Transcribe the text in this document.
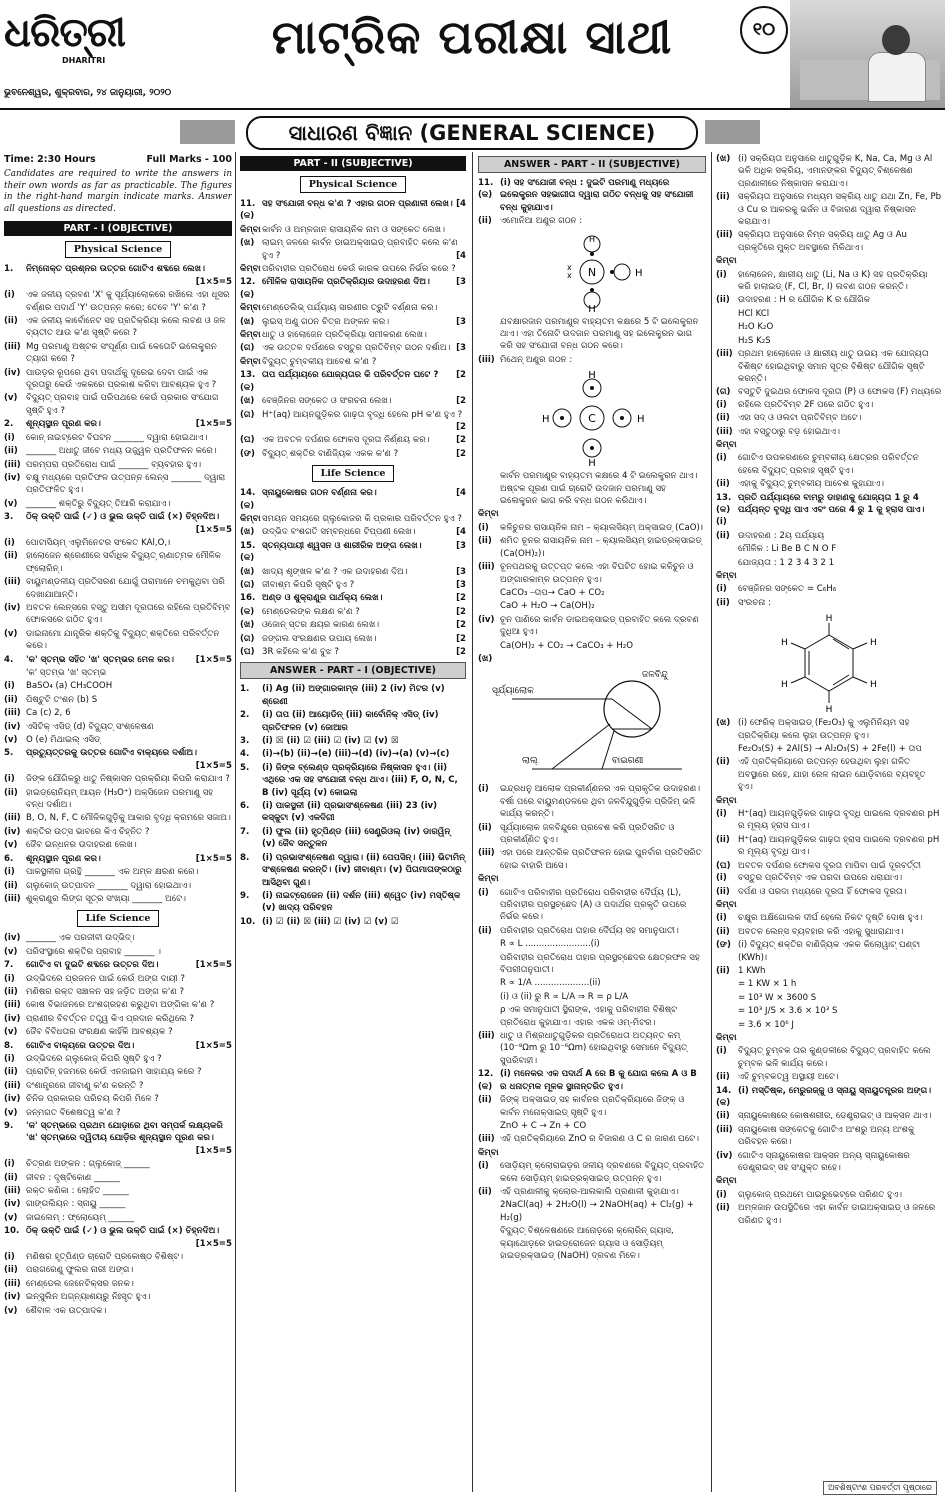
ଧରିତ୍ରୀ
DHARITRI
ଭୁବନେଶ୍ୱର, ଶୁକ୍ରବାର, ୨୪ ଜାନୁୟାରୀ, ୨୦୨୦
ମାଟ୍ରିକ ପରୀକ୍ଷା ସାଥୀ	୧୦
ସାଧାରଣ ବିଜ୍ଞାନ (GENERAL SCIENCE)
Time: 2:30 Hours	Full Marks - 100
Candidates are required to write the answers in their own words as far as practicable. The figures in the right-hand margin indicate marks. Answer all questions as directed.
PART - I (OBJECTIVE)
Physical Science
1.	ନିମ୍ନୋକ୍ତ ପ୍ରଶ୍ନର ଉତ୍ତର ଗୋଟିଏ ଶବ୍ଦରେ ଲେଖ।
[1×5=5
(i)	ଏକ ଜଳୀୟ ଦ୍ରବଣ 'X' କୁ ସୂର୍ଯ୍ୟାଲୋକରେ ରଖିଲେ ଏହା ଧୂସର ବର୍ଣ୍ଣର ପଦାର୍ଥ 'Y' ଉତ୍ପନ୍ନ କରେ; ତେବେ 'Y' କ'ଣ ?
(ii) ଏକ ଜଳୀୟ କାର୍ବୋନେଟ ସହ ପ୍ରତିକ୍ରିୟା କଲେ ଲବଣ ଓ ଜଳ ବ୍ୟତୀତ ଆଉ କ'ଣ ସୃଷ୍ଟି କରେ ?
(iii) Mg ପରମାଣୁ ଅଷ୍ଟକ ସଂପୂର୍ଣ୍ଣ ପାଇଁ କେତୋଟି ଇଲେକ୍ଟ୍ରନ ତ୍ୟାଗ କରେ ?
(iv) ପାଉଡ଼ର ରୂପରେ ଥିବା ପଦାର୍ଥକୁ ଦୂରେଇ ଦେବା ପାଇଁ ଏକ ଦୂରତାରୁ କେଉଁ ଏକକରେ ପ୍ରକାଶ କରିବା ଆବଶ୍ୟକ ହୁଏ ?
(v) ବିଦ୍ୟୁତ୍ ପ୍ରବାହ ପାଇଁ ପରିପଥରେ କେଉଁ ପ୍ରକାର ସଂଯୋଗ ସୃଷ୍ଟି ହୁଏ ?
2.	ଶୂନ୍ୟସ୍ଥାନ ପୂରଣ କର।	[1×5=5
(i)	କୋନ୍ ନାଇଟ୍ରେଟ ବିଘଟନ _______ ଦ୍ୱାରା ହୋଇଥାଏ।
(ii) _______ ଅଧାତୁ ଜୀବେ ମଧ୍ୟ ଉଜ୍ଜ୍ୱଳ ପ୍ରତିଫଳନ କରେ।
(iii) ପରମ୍ପରା ପ୍ରତିରୋଧ ପାଇଁ _______ ବ୍ୟବହାର ହୁଏ।
(iv) ଚକ୍ଷୁ ମଧ୍ୟରେ ପ୍ରତିଫଳ ଉତ୍ପନ୍ନ ଲେନ୍ସ _______ ଦ୍ୱାରା ପ୍ରତିଫଳିତ ହୁଏ।
(v) _______ ଶକ୍ତିରୁ ବିଦ୍ୟୁତ୍ ତିଆରି କରାଯାଏ।
3.	ଠିକ୍ ଉକ୍ତି ପାଇଁ (✓) ଓ ଭୁଲ ଉକ୍ତି ପାଇଁ (×) ଚିହ୍ନଦିଅ।
[1×5=5
(i)	ପୋଟାସିୟମ୍ ଏଲୁମିନେଟର ସଂକେତ KAl,O,।
(ii) ହାଲୋଜେନ ଶ୍ରେଣୀରେ ସର୍ବାଧିକ ବିଦ୍ୟୁତ୍ ଋଣାତ୍ମକ ମୌଳିକ ଫ୍ଲୋରିନ୍।
(iii) ବାୟୁମଣ୍ଡଳୀୟ ପ୍ରତିସରଣ ଯୋଗୁଁ ତାରାମାନେ ଚମକୁଥିବା ପରି ଦେଖାଯାଆନ୍ତି।
(iv) ଅବତଳ ଲେନ୍ସରେ ବସ୍ତୁ ଅସୀମ ଦୂରତାରେ ରହିଲେ ପ୍ରତିବିମ୍ବ ଫୋକସରେ ଗଠିତ ହୁଏ।
(v) ଡାଇନାମୋ ଯାନ୍ତ୍ରିକ ଶକ୍ତିକୁ ବିଦ୍ୟୁତ୍ ଶକ୍ତିରେ ପରିବର୍ତ୍ତନ କରେ।
4.	'କ' ସ୍ତମ୍ଭ ସହିତ 'ଖ' ସ୍ତମ୍ଭର ମେଳ କର।	[1×5=5
'କ' ସ୍ତମ୍ଭ 'ଖ' ସ୍ତମ୍ଭ
(i)	BaSO₄ (a) CH₃COOH
(ii) ପିଷ୍ଟୁଟି ତଂଶନ (b) S
(iii) Ca (c) 2, 6
(iv) ଏସିଟିକ୍ ଏସିଡ୍ (d) ବିଦ୍ୟୁତ୍ ସଂଶ୍ଳେଷଣ
(v) O (e) ମିଥାଇଲ୍ ଏସିଡ୍
5.	ପ୍ରତ୍ୟୁତ୍ତରକୁ ଉତ୍ତର ଗୋଟିଏ ବାକ୍ୟରେ ଦର୍ଶାଅ।
[1×5=5
(i)	ଜିଙ୍କ ଯୌଗିକରୁ ଧାତୁ ନିଷ୍କାସନ ପ୍ରକ୍ରିୟା କିପରି କରାଯାଏ ?
(ii) ହାଇଡ୍ରୋନିୟମ୍ ଆୟନ (H₃O⁺) ଅକ୍ସିଜେନ ପରମାଣୁ ସହ ବନ୍ଧ ଦର୍ଶାଅ।
(iii) B, O, N, F, C ମୌଳିକଗୁଡ଼ିକୁ ଆକାର ବୃଦ୍ଧି କ୍ରମରେ ସଜାଅ।
(iv) ଶକ୍ତିର ଉତ୍ସ ଭାବରେ କିଏ ଚିହ୍ନିତ ?
(v) ଜୈବ ଇନ୍ଧନର ଉଦାହରଣ ଲେଖ।
6.	ଶୂନ୍ୟସ୍ଥାନ ପୂରଣ କର।	[1×5=5
(i)	ପାକସ୍ଥଳୀର ଗ୍ରନ୍ଥି _______ ଏକ ଅମ୍ଳ କ୍ଷରଣ କରେ।
(ii) ଗ୍ଲୁକୋଜ୍ ଉତ୍ପାଦନ _______ ଦ୍ୱାରା ହୋଇଥାଏ।
(iii) ଶୁକ୍ରାଣୁର ଲିଙ୍ଗ ସୂତ୍ର ସଂଖ୍ୟା _______ ଅଟେ।
Life Science
(iv) _______ ଏକ ପରଜୀବୀ ଉଦ୍ଭିଦ୍।
(v) ପରିସଂସ୍ଥାରେ ଶକ୍ତିର ପ୍ରବାହ _______ ।
7.	ଗୋଟିଏ ବା ଦୁଇଟି ଶବ୍ଦରେ ଉତ୍ତର ଦିଅ।	[1×5=5
(i)	ଉଦ୍ଭିଦରେ ପ୍ରଜନନ ପାଇଁ କେଉଁ ଅଙ୍ଗ ଦାୟୀ ?
(ii) ମଣିଷର ରକ୍ତ ସଞ୍ଚାଳନ ସହ ଜଡ଼ିତ ଅଙ୍ଗ କ'ଣ ?
(iii) କୋଷ ବିଭାଜନରେ ଅଂଶଗ୍ରହଣ କରୁଥିବା ଅଙ୍ଗିକା କ'ଣ ?
(iv) ପ୍ରାଣୀର ବିବର୍ତ୍ତନ ତତ୍ତ୍ୱ କିଏ ପ୍ରଦାନ କରିଥିଲେ ?
(v) ଜୈବ ବିବିଧତାର ସଂରକ୍ଷଣ କାହିଁକି ଆବଶ୍ୟକ ?
8.	ଗୋଟିଏ ବାକ୍ୟରେ ଉତ୍ତର ଦିଅ।	[1×5=5
(i)	ଉଦ୍ଭିଦରେ ଗ୍ଲୁକୋଜ୍ କିପରି ସୃଷ୍ଟି ହୁଏ ?
(ii) ପ୍ରୋଟିନ୍ ହଜମରେ କେଉଁ ଏନଜାଇମ ସାହାଯ୍ୟ କରେ ?
(iii) ଦଂଶାନ୍ତ୍ରରେ ଜୀବାଣୁ କ'ଣ କରନ୍ତି ?
(iv) ଚିନିଜ ପ୍ରକାରର ପରିଚୟ କିପରି ମିଳେ ?
(v) ଜନ୍ମଗତ ବିଶେଷତ୍ୱ କ'ଣ ?
9.	'କ' ସ୍ତମ୍ଭରେ ପ୍ରଥମ ଯୋଡ଼ାରେ ଥିବା ସମ୍ପର୍କ ଲକ୍ଷ୍ୟକରି 'ଖ' ସ୍ତମ୍ଭରେ ଦ୍ୱିତୀୟ ଯୋଡ଼ିର ଶୂନ୍ୟସ୍ଥାନ ପୂରଣ କର।
[1×5=5
(i)	ଚିତ୍ରଣ ଅଙ୍କନ : ଗ୍ଲୁକୋଜ୍ ______
(ii) ଜୀବନ : ଦୃଷ୍ଟିକୋଣ ______
(iii) ରକ୍ତ କଣିକା : ଲୋହିତ ______
(iv) ଗାଙ୍ଗଲିୟନ : ସ୍ନାୟୁ ______
(v) ଜାଇଲେମ୍ : ଫ୍ଲୋୟେମ୍ ______
10. ଠିକ୍ ଉକ୍ତି ପାଇଁ (✓) ଓ ଭୁଲ ଉକ୍ତି ପାଇଁ (×) ଚିହ୍ନଦିଅ।
[1×5=5
(i)	ମଣିଷର ହୃତ୍‌ପିଣ୍ଡ ଚାରୋଟି ପ୍ରକୋଷ୍ଠ ବିଶିଷ୍ଟ।
(ii) ପରାଗରେଣୁ ଫୁଲର ନାରୀ ଅଙ୍ଗ।
(iii) ମେଣ୍ଡେଲ ଜେନେଟିକ୍ସର ଜନକ।
(iv) ଇନ୍ସୁଲିନ ଅଗ୍ନ୍ୟାଶୟରୁ ନିଃସୃତ ହୁଏ।
(v) ଶୈବାଳ ଏକ ଉତ୍ପାଦକ।
PART - II (SUBJECTIVE)
Physical Science
11.(କ)
ସହ ସଂଯୋଜୀ ବନ୍ଧ କ'ଣ ? ଏହାର ଗଠନ ପ୍ରଣାଳୀ ଲେଖ। [4
କିମ୍ବା କାର୍ବନ ଓ ଅମ୍ଳଜାନ ରାସାୟନିକ ନାମ ଓ ସଙ୍କେତ ଲେଖ।
(ଖ) ଲାଇମ୍‌ ଜଳରେ କାର୍ବନ ଡାଇଅକ୍ସାଇଡ୍ ପ୍ରବାହିତ କଲେ କ'ଣ ହୁଏ ?	[4
କିମ୍ବା ପରିବାହୀର ପ୍ରତିରୋଧ କେଉଁ କାରକ ଉପରେ ନିର୍ଭର କରେ ?
12.(କ)
ମୌଳିକ ରାସାୟନିକ ପ୍ରତିକ୍ରିୟାର ଉଦାହରଣ ଦିଅ।	[3
କିମ୍ବା ମେଣ୍ଡେଲିଭ୍ ପର୍ଯ୍ୟାୟ ସାରଣୀର ତ୍ରୁଟି ବର୍ଣ୍ଣନା କର।
(ଖ) ଲୁଇସ୍ ଅଣୁ ଗଠନ ଚିତ୍ର ଅଙ୍କନ କର।	[3
କିମ୍ବା ଧାତୁ ଓ ହାଲୋଜେନ ପ୍ରତିକ୍ରିୟା ସମୀକରଣ ଲେଖ।
(ଗ) ଏକ ଉତ୍ତଳ ଦର୍ପଣରେ ବସ୍ତୁର ପ୍ରତିବିମ୍ବ ଗଠନ ଦର୍ଶାଅ। [3
କିମ୍ବା ବିଦ୍ୟୁତ୍ ଚୁମ୍ବକୀୟ ଆବେଶ କ'ଣ ?
13.(କ)
ତାପ ପର୍ଯ୍ୟାୟରେ ଯୋଜ୍ୟତାର କି ପରିବର୍ତ୍ତନ ଘଟେ ? [2
(ଖ) ବେଞ୍ଜିନର ସଙ୍କେତ ଓ ସଂରଚନା ଲେଖ।	[2
(ଗ) H⁺(aq) ଆୟନଗୁଡ଼ିକର ଗାଢ଼ତା ବୃଦ୍ଧି ହେଲେ pH କ'ଣ ହୁଏ ?
[2
(ଘ) ଏକ ଅବତଳ ଦର୍ପଣର ଫୋକସ ଦୂରତା ନିର୍ଣ୍ଣୟ କର।	[2
(ଙ) ବିଦ୍ୟୁତ୍ ଶକ୍ତିର ବାଣିଜ୍ୟିକ ଏକକ କ'ଣ ?	[2
Life Science
14.(କ)
ସ୍ନାୟୁକୋଷର ଗଠନ ବର୍ଣ୍ଣନା କର।	[4
କିମ୍ବା ସମୟନ ସମୟରେ ଗ୍ଲୁକୋଜର କି ପ୍ରକାର ପରିବର୍ତ୍ତନ ହୁଏ ?
(ଖ) ଉଦ୍ଭିଦ ବଂଶଗତି ସମ୍ବନ୍ଧରେ ଟିପ୍ପଣୀ ଲେଖ।	[4
15.(କ)
ସ୍ତନ୍ୟପାୟୀ ଶ୍ୱସନ ଓ ଶାରୀରିକ ଅଙ୍ଗ ଲେଖ।	[3
(ଖ) ଖାଦ୍ୟ ଶୃଙ୍ଖଳ କ'ଣ ? ଏକ ଉଦାହରଣ ଦିଅ।	[3
(ଗ) ଜୀବାଶ୍ମ କିପରି ସୃଷ୍ଟି ହୁଏ ?	[3
16. ଅଣ୍ଡ ଓ ଶୁକ୍ରାଣୁର ପାର୍ଥକ୍ୟ ଲେଖ।	[2
(କ) ମେଣ୍ଡେଲଙ୍କ ଲକ୍ଷଣ କ'ଣ ?	[2
(ଖ) ଓଜୋନ୍ ସ୍ତର କ୍ଷୟର କାରଣ ଲେଖ।	[2
(ଗ) ଜଙ୍ଗଲ ସଂରକ୍ଷଣର ଉପାୟ ଲେଖ।	[2
(ଘ) 3R କହିଲେ କ'ଣ ବୁଝ ?	[2
ANSWER - PART - I (OBJECTIVE)
1.	(i) Ag (ii) ଅଙ୍ଗାରକାମ୍ଳ (iii) 2 (iv) ମିଟର (v) ଶ୍ରେଣୀ
2.	(i) ତାପ (ii) ଆୟୋଡିନ୍ (iii) କାର୍ବୋନିକ୍ ଏସିଡ୍ (iv) ପ୍ରତିଫଳନ (v) ଜୋଆର
3.	(i) ☒ (ii) ☑ (iii) ☑ (iv) ☑ (v) ☒
4.	(i)→(b) (ii)→(e) (iii)→(d) (iv)→(a) (v)→(c)
5.	(i) ଜିଙ୍କ ବ୍ଲେଣ୍ଡ ପ୍ରକ୍ରିୟାରେ ନିଷ୍କାସନ ହୁଏ। (ii) ଏଥିରେ ଏକ ସହ ସଂଯୋଜୀ ବନ୍ଧ ଥାଏ। (iii) F, O, N, C, B (iv) ସୂର୍ଯ୍ୟ (v) କୋଇଲା
6.	(i) ପାକସ୍ଥଳୀ (ii) ପ୍ରଭାସଂଶ୍ଳେଷଣ (iii) 23 (iv) କସ୍କୁଟା (v) ଏକଦିଗୀ
7.	(i) ଫୁଲ (ii) ହୃତ୍‌ପିଣ୍ଡ (iii) ସେଣ୍ଟ୍ରିଓଲ୍ (iv) ଡାରୱିନ୍ (v) ଜୈବ ସନ୍ତୁଳନ
8.	(i) ପ୍ରଭାସଂଶ୍ଳେଷଣ ଦ୍ୱାରା। (ii) ପେପସିନ୍। (iii) ଭିଟାମିନ୍ ସଂଶ୍ଳେଷଣ କରନ୍ତି। (iv) ଜୀବାଶ୍ମ। (v) ପିତାମାତାଙ୍କଠାରୁ ଆସିଥିବା ଗୁଣ।
9.	(i) ନାଇଟ୍ରୋଜେନ (ii) ଦର୍ଶନ (iii) ଶ୍ୱେତ (iv) ମସ୍ତିଷ୍କ (v) ଖାଦ୍ୟ ପରିବହନ
10. (i) ☑ (ii) ☒ (iii) ☑ (iv) ☑ (v) ☑
ANSWER - PART - II (SUBJECTIVE)
11.(କ)
(i) ସହ ସଂଯୋଜୀ ବନ୍ଧ : ଦୁଇଟି ପରମାଣୁ ମଧ୍ୟରେ ଇଲେକ୍ଟ୍ରନ ସହଭାଗୀତା ଦ୍ୱାରା ଗଠିତ ବନ୍ଧକୁ ସହ ସଂଯୋଜୀ ବନ୍ଧ କୁହାଯାଏ।
(ii) ଏମୋନିଆ ଅଣୁର ଗଠନ :
N
H
H
H
x
x
ଯବକ୍ଷାରଜାନ ପରମାଣୁର ବାହ୍ୟତମ କକ୍ଷରେ 5 ଟି ଇଲେକ୍ଟ୍ରନ ଥାଏ। ଏହା ତିନୋଟି ଉଦଜାନ ପରମାଣୁ ସହ ଇଲେକ୍ଟ୍ରନ ଭାଗ କରି ସହ ସଂଯୋଜୀ ବନ୍ଧ ଗଠନ କରେ।
(iii) ମିଥେନ୍ ଅଣୁର ଗଠନ :
C
H
H
H	H
କାର୍ବନ ପରମାଣୁର ବାହ୍ୟତମ କକ୍ଷରେ 4 ଟି ଇଲେକ୍ଟ୍ରନ ଥାଏ। ଅଷ୍ଟକ ପୂରଣ ପାଇଁ ଚାରୋଟି ଉଦଜାନ ପରମାଣୁ ସହ ଇଲେକ୍ଟ୍ରନ ଭାଗ କରି ବନ୍ଧ ଗଠନ କରିଥାଏ।
କିମ୍ବା
(i)	କଳିଚୁନର ରାସାୟନିକ ନାମ – କ୍ୟାଲସିୟମ୍ ଅକ୍ସାଇଡ୍ (CaO)।
(ii) ଶମିତ ଚୂନର ରାସାୟନିକ ନାମ – କ୍ୟାଲସିୟମ୍ ହାଇଡ୍ରକ୍ସାଇଡ୍ (Ca(OH)₂)।
(iii) ଚୂନପଥରକୁ ଉତ୍ତପ୍ତ କଲେ ଏହା ବିଘଟିତ ହୋଇ କଳିଚୁନ ଓ ଅଙ୍ଗାରକାମ୍ଳ ଉତ୍ପନ୍ନ ହୁଏ।
CaCO₃ ⎯ତାପ→ CaO + CO₂
CaO + H₂O → Ca(OH)₂
(iv) ଚୂନ ପାଣିରେ କାର୍ବନ ଡାଇଅକ୍ସାଇଡ୍ ପ୍ରବାହିତ କଲେ ଦ୍ରବଣ ଦୁଧିଆ ହୁଏ।
Ca(OH)₂ + CO₂ → CaCO₃ + H₂O
(ଖ)
ଜଳବିନ୍ଦୁ
ସୂର୍ଯ୍ୟାଲୋକ
ଲାଲ୍	ବାଇଗଣୀ
(i)	ଇନ୍ଦ୍ରଧନୁ ଆଲୋକ ପ୍ରକୀର୍ଣ୍ଣନର ଏକ ପ୍ରାକୃତିକ ଉଦାହରଣ। ବର୍ଷା ପରେ ବାୟୁମଣ୍ଡଳରେ ଥିବା ଜଳବିନ୍ଦୁଗୁଡ଼ିକ ପ୍ରିଜିମ୍ ଭଳି କାର୍ଯ୍ୟ କରନ୍ତି।
(ii) ସୂର୍ଯ୍ୟାଲୋକ ଜଳବିନ୍ଦୁରେ ପ୍ରବେଶ କରି ପ୍ରତିସରିତ ଓ ପ୍ରକୀର୍ଣ୍ଣିତ ହୁଏ।
(iii) ଏହା ପରେ ଆନ୍ତରିକ ପ୍ରତିଫଳନ ହୋଇ ପୁନର୍ବାର ପ୍ରତିସରିତ ହୋଇ ବାହାରି ଆସେ।
କିମ୍ବା
(i)	ଗୋଟିଏ ପରିବାହୀର ପ୍ରତିରୋଧ ପରିବାହୀର ଦୈର୍ଘ୍ୟ (L), ପରିବାହୀର ପ୍ରସ୍ଥଚ୍ଛେଦ (A) ଓ ପଦାର୍ଥର ପ୍ରକୃତି ଉପରେ ନିର୍ଭର କରେ।
(ii) ପରିବାହୀର ପ୍ରତିରୋଧ ତାହାର ଦୈର୍ଘ୍ୟ ସହ ସମାନୁପାତୀ।
R ∝ L ........................(i)
ପରିବାହୀର ପ୍ରତିରୋଧ ତାହାର ପ୍ରସ୍ଥଚ୍ଛେଦର କ୍ଷେତ୍ରଫଳ ସହ ବିପରୀତାନୁପାତୀ।
R ∝ 1/A ....................(ii)
(i) ଓ (ii) ରୁ R ∝ L/A ⇒ R = ρ L/A
ρ ଏକ ସମାନୁପାତୀ ସ୍ଥିରାଙ୍କ, ଏହାକୁ ପରିବାହୀର ବିଶିଷ୍ଟ ପ୍ରତିରୋଧ କୁହାଯାଏ। ଏହାର ଏକକ ଓମ୍-ମିଟର।
(iii) ଧାତୁ ଓ ମିଶ୍ରଧାତୁଗୁଡ଼ିକର ପ୍ରତିରୋଧତା ଅତ୍ୟନ୍ତ କମ୍ (10⁻⁸Ωm ରୁ 10⁻⁶Ωm) ହୋଇଥିବାରୁ ସେମାନେ ବିଦ୍ୟୁତ୍ ସୁପରିବାହୀ।
12.(କ)
(i) ମନେକର ଏକ ପଦାର୍ଥ A ରେ B କୁ ଯୋଗ କଲେ A ଓ B ର ଧନାତ୍ମକ ମୂଳକ ସ୍ଥାନାନ୍ତରିତ ହୁଏ।
(ii) ଜିଙ୍କ୍ ଅକ୍ସାଇଡ୍ ସହ କାର୍ବନର ପ୍ରତିକ୍ରିୟାରେ ଜିଙ୍କ୍ ଓ କାର୍ବନ ମନୋକ୍ସାଇଡ୍ ସୃଷ୍ଟି ହୁଏ।
ZnO + C → Zn + CO
(iii) ଏହି ପ୍ରତିକ୍ରିୟାରେ ZnO ର ବିଜାରଣ ଓ C ର ଜାରଣ ଘଟେ।
କିମ୍ବା
(i)	ସୋଡ଼ିୟମ୍ କ୍ଲୋରାଇଡ଼ର ଜଳୀୟ ଦ୍ରବଣରେ ବିଦ୍ୟୁତ୍ ପ୍ରବାହିତ କଲେ ସୋଡ଼ିୟମ୍ ହାଇଡ୍ରକ୍ସାଇଡ୍ ଉତ୍ପନ୍ନ ହୁଏ।
(ii) ଏହି ପ୍ରଣାଳୀକୁ କ୍ଲୋର-ଆଲକାଲି ପ୍ରଣାଳୀ କୁହାଯାଏ।
2NaCl(aq) + 2H₂O(l) → 2NaOH(aq) + Cl₂(g) + H₂(g)
ବିଦ୍ୟୁତ୍ ବିଶ୍ଳେଷଣରେ ଆନୋଡ଼ରେ କ୍ଲୋରିନ୍ ଗ୍ୟାସ, କ୍ୟାଥୋଡ଼ରେ ହାଇଡ୍ରୋଜେନ ଗ୍ୟାସ ଓ ସୋଡ଼ିୟମ୍ ହାଇଡ୍ରକ୍ସାଇଡ୍ (NaOH) ଦ୍ରବଣ ମିଳେ।
(ଖ) (i) ସକ୍ରିୟତା ଅନୁସାରେ ଧାତୁଗୁଡ଼ିକ K, Na, Ca, Mg ଓ Al ଭଳି ଅଧିକ ସକ୍ରିୟ, ଏମାନଙ୍କର ବିଦ୍ୟୁତ୍ ବିଶ୍ଳେଷଣ ପ୍ରଣାଳୀରେ ନିଷ୍କାସନ କରାଯାଏ।
(ii) ସକ୍ରିୟତା ଅନୁସାରେ ମଧ୍ୟମ ସକ୍ରିୟ ଧାତୁ ଯଥା Zn, Fe, Pb ଓ Cu ର ଆକରକୁ ଭର୍ଜନ ଓ ବିଜାରଣ ଦ୍ୱାରା ନିଷ୍କାସନ କରାଯାଏ।
(iii) ସକ୍ରିୟତା ଅନୁସାରେ ନିମ୍ନ ସକ୍ରିୟ ଧାତୁ Ag ଓ Au ପ୍ରକୃତିରେ ମୁକ୍ତ ଅବସ୍ଥାରେ ମିଳିଥାଏ।
କିମ୍ବା
(i)	ହାଲୋଜେନ, କ୍ଷାରୀୟ ଧାତୁ (Li, Na ଓ K) ସହ ପ୍ରତିକ୍ରିୟା କରି ହାଲାଇଡ୍ (F, Cl, Br, I) ଲବଣ ଗଠନ କରନ୍ତି।
(ii) ଉଦାହରଣ : H ର ଯୌଗିକ K ର ଯୌଗିକ
HCl KCl
H₂O K₂O
H₂S K₂S
(iii) ପ୍ରଥମ ହାଲୋଜେନ ଓ କ୍ଷାରୀୟ ଧାତୁ ଉଭୟ ଏକ ଯୋଜ୍ୟତା ବିଶିଷ୍ଟ ହୋଇଥିବାରୁ ସମାନ ସୂତ୍ର ବିଶିଷ୍ଟ ଯୌଗିକ ସୃଷ୍ଟି କରନ୍ତି।
(ଗ)(i)
ବସ୍ତୁଟି ଦୁଇଥର ଫୋକସ ଦୂରତା (P) ଓ ଫୋକସ (F) ମଧ୍ୟରେ ରହିଲେ ପ୍ରତିବିମ୍ବ 2F ପରେ ଗଠିତ ହୁଏ।
(ii) ଏହା ସଦ୍ ଓ ଓଲଟା ପ୍ରତିବିମ୍ବ ଅଟେ।
(iii) ଏହା ବସ୍ତୁଠାରୁ ବଡ଼ ହୋଇଥାଏ।
କିମ୍ବା
(i)	ଗୋଟିଏ ଉପକରଣରେ ଚୁମ୍ବକୀୟ କ୍ଷେତ୍ରର ପରିବର୍ତ୍ତନ ହେଲେ ବିଦ୍ୟୁତ୍ ପ୍ରବାହ ସୃଷ୍ଟି ହୁଏ।
(ii) ଏହାକୁ ବିଦ୍ୟୁତ୍ ଚୁମ୍ବକୀୟ ଆବେଶ କୁହାଯାଏ।
13.(କ)(i)
ପ୍ରତି ପର୍ଯ୍ୟାୟରେ ବାମରୁ ଡାହାଣକୁ ଯୋଜ୍ୟତା 1 ରୁ 4 ପର୍ଯ୍ୟନ୍ତ ବୃଦ୍ଧି ପାଏ ଏବଂ ପରେ 4 ରୁ 1 କୁ ହ୍ରାସ ପାଏ।
(ii) ଉଦାହରଣ : 2ୟ ପର୍ଯ୍ୟାୟ
ମୌଳିକ : Li Be B C N O F
ଯୋଜ୍ୟତା : 1 2 3 4 3 2 1
କିମ୍ବା
(i)	ବେଞ୍ଜିନର ସଙ୍କେତ = C₆H₆
(ii) ସଂରଚନା :
H
H
H
H
H
H
(ଖ) (i) ଫେରିକ୍ ଅକ୍ସାଇଡ୍ (Fe₂O₃) କୁ ଏଲୁମିନିୟମ ସହ ପ୍ରତିକ୍ରିୟା କଲେ ଲୁହା ଉତ୍ପନ୍ନ ହୁଏ।
Fe₂O₃(S) + 2Al(S) → Al₂O₃(S) + 2Fe(l) + ତାପ
(ii) ଏହି ପ୍ରତିକ୍ରିୟାରେ ଉତ୍ପନ୍ନ ହେଉଥିବା ଲୁହା ଗଳିତ ଅବସ୍ଥାରେ ରହେ, ଯାହା ରେଳ ଲାଇନ ଯୋଡ଼ିବାରେ ବ୍ୟବହୃତ ହୁଏ।
କିମ୍ବା
(i)	H⁺(aq) ଆୟନଗୁଡ଼ିକର ଗାଢ଼ତା ବୃଦ୍ଧି ପାଇଲେ ଦ୍ରବଣର pH ର ମୂଲ୍ୟ ହ୍ରାସ ପାଏ।
(ii) H⁺(aq) ଆୟନଗୁଡ଼ିକର ଗାଢ଼ତା ହ୍ରାସ ପାଇଲେ ଦ୍ରବଣର pH ର ମୂଲ୍ୟ ବୃଦ୍ଧି ପାଏ।
(ଘ)(i)
ଅବତଳ ଦର୍ପଣର ଫୋକସ ଦୂରତା ମାପିବା ପାଇଁ ଦୂରବର୍ତ୍ତୀ ବସ୍ତୁର ପ୍ରତିବିମ୍ବ ଏକ ପରଦା ଉପରେ ଧରାଯାଏ।
(ii) ଦର୍ପଣ ଓ ପରଦା ମଧ୍ୟରେ ଦୂରତା ହିଁ ଫୋକସ ଦୂରତା।
କିମ୍ବା
(i)	ଚକ୍ଷୁର ଅକ୍ଷିଗୋଲକ ଦୀର୍ଘ ହେଲେ ନିକଟ ଦୃଷ୍ଟି ଦୋଷ ହୁଏ।
(ii) ଅବତଳ ଲେନ୍ସ ବ୍ୟବହାର କରି ଏହାକୁ ସୁଧାରାଯାଏ।
(ଙ) (i) ବିଦ୍ୟୁତ୍ ଶକ୍ତିର ବାଣିଜ୍ୟିକ ଏକକ କିଲୋୱାଟ୍ ଘଣ୍ଟା (KWh)।
(ii) 1 KWh
= 1 KW × 1 h
= 10³ W × 3600 S
= 10³ J/S × 3.6 × 10³ S
= 3.6 × 10⁶ J
କିମ୍ବା
(i)	ବିଦ୍ୟୁତ୍ ଚୁମ୍ବକ ତାର କୁଣ୍ଡଳୀରେ ବିଦ୍ୟୁତ୍ ପ୍ରବାହିତ କଲେ ଚୁମ୍ବକ ଭଳି କାର୍ଯ୍ୟ କରେ।
(ii) ଏହି ଚୁମ୍ବକତ୍ୱ ଅସ୍ଥାୟୀ ଅଟେ।
14.(କ)
(i) ମସ୍ତିଷ୍କ, ମେରୁରଜ୍ଜୁ ଓ ସ୍ନାୟୁ ସ୍ନାୟୁତନ୍ତ୍ରର ଅଙ୍ଗ।
(ii) ସ୍ନାୟୁକୋଷରେ କୋଷଶରୀର, ଡେଣ୍ଡ୍ରାଇଟ୍ ଓ ଆକ୍ସନ ଥାଏ।
(iii) ସ୍ନାୟୁକୋଷ ସଙ୍କେତକୁ ଗୋଟିଏ ଅଂଶରୁ ଅନ୍ୟ ଅଂଶକୁ ପରିବହନ କରେ।
(iv) ଗୋଟିଏ ସ୍ନାୟୁକୋଷର ଆକ୍ସନ ଅନ୍ୟ ସ୍ନାୟୁକୋଷର ଡେଣ୍ଡ୍ରାଇଟ୍ ସହ ସଂଯୁକ୍ତ ରହେ।
କିମ୍ବା
(i)	ଗ୍ଲୁକୋଜ୍ ପ୍ରଥମେ ପାଇରୁଭେଟ୍‌ରେ ପରିଣତ ହୁଏ।
(ii) ଅମ୍ଳଜାନ ଉପସ୍ଥିତିରେ ଏହା କାର୍ବନ ଡାଇଅକ୍ସାଇଡ୍ ଓ ଜଳରେ ପରିଣତ ହୁଏ।
ଅବଶିଷ୍ଟାଂଶ ପରବର୍ତ୍ତୀ ପୃଷ୍ଠାରେ
